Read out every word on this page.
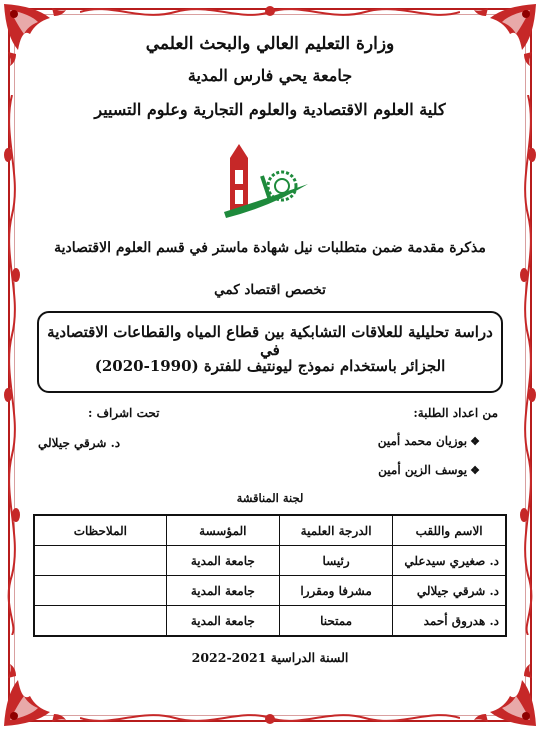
وزارة التعليم العالي والبحث العلمي
جامعة يحي فارس المدية
كلية العلوم الاقتصادية والعلوم التجارية وعلوم التسيير
مذكرة مقدمة ضمن متطلبات نيل شهادة ماستر في قسم العلوم الاقتصادية
تخصص اقتصاد كمي
دراسة تحليلية للعلاقات التشابكية بين قطاع المياه والقطاعات الاقتصادية في
الجزائر باستخدام نموذج ليونتيف للفترة (1990-2020)
من اعداد الطلبة:
تحت اشراف :
❖بوزيان محمد أمين
❖يوسف الزين أمين
د. شرقي جيلالي
لجنة المناقشة
الاسم واللقب	الدرجة العلمية	المؤسسة	الملاحظات
د. صغيري سيدعلي	رئيسا	جامعة المدية	
د. شرقي جيلالي	مشرفا ومقررا	جامعة المدية	
د. هدروق أحمد	ممتحنا	جامعة المدية	
السنة الدراسية 2021-2022
